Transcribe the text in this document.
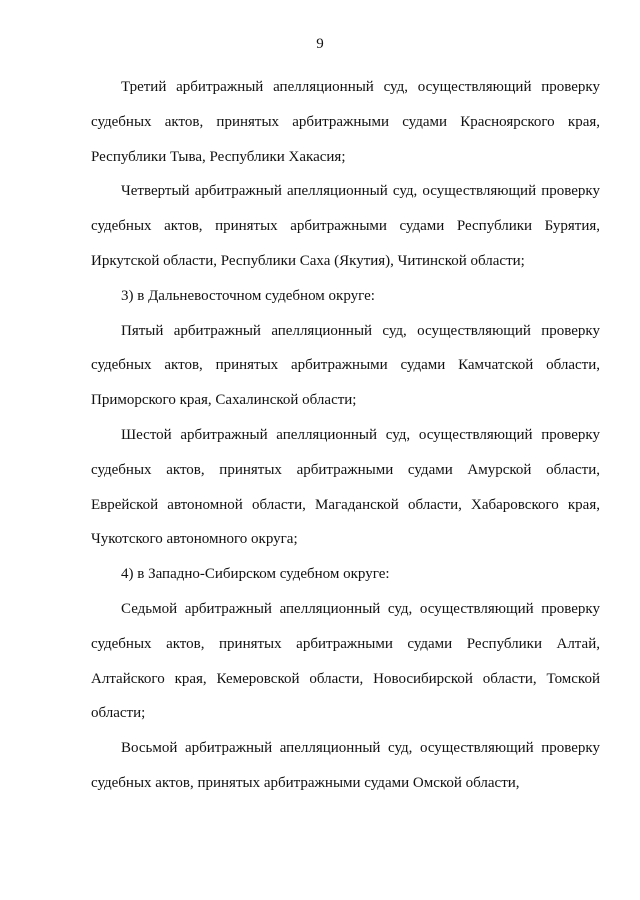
9

Третий арбитражный апелляционный суд, осуществляющий проверку судебных актов, принятых арбитражными судами Красноярского края, Республики Тыва, Республики Хакасия;

Четвертый арбитражный апелляционный суд, осуществляющий проверку судебных актов, принятых арбитражными судами Республики Бурятия, Иркутской области, Республики Саха (Якутия), Читинской области;

3) в Дальневосточном судебном округе:

Пятый арбитражный апелляционный суд, осуществляющий проверку судебных актов, принятых арбитражными судами Камчатской области, Приморского края, Сахалинской области;

Шестой арбитражный апелляционный суд, осуществляющий проверку судебных актов, принятых арбитражными судами Амурской области, Еврейской автономной области, Магаданской области, Хабаровского края, Чукотского автономного округа;

4) в Западно-Сибирском судебном округе:

Седьмой арбитражный апелляционный суд, осуществляющий проверку судебных актов, принятых арбитражными судами Республики Алтай, Алтайского края, Кемеровской области, Новосибирской области, Томской области;

Восьмой арбитражный апелляционный суд, осуществляющий проверку судебных актов, принятых арбитражными судами Омской области,
